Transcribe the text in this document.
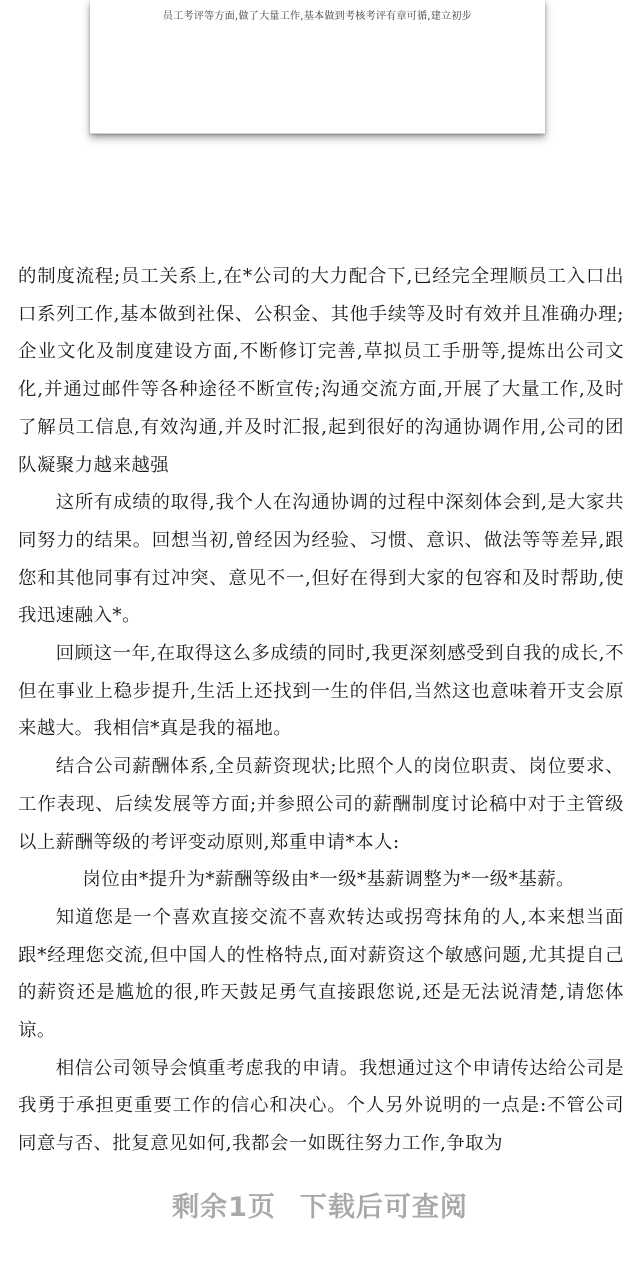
员工考评等方面,做了大量工作,基本做到考核考评有章可循,建立初步

的制度流程;员工关系上,在*公司的大力配合下,已经完全理顺员工入口出口系列工作,基本做到社保、公积金、其他手续等及时有效并且准确办理;企业文化及制度建设方面,不断修订完善,草拟员工手册等,提炼出公司文化,并通过邮件等各种途径不断宣传;沟通交流方面,开展了大量工作,及时了解员工信息,有效沟通,并及时汇报,起到很好的沟通协调作用,公司的团队凝聚力越来越强

这所有成绩的取得,我个人在沟通协调的过程中深刻体会到,是大家共同努力的结果。回想当初,曾经因为经验、习惯、意识、做法等等差异,跟您和其他同事有过冲突、意见不一,但好在得到大家的包容和及时帮助,使我迅速融入*。

回顾这一年,在取得这么多成绩的同时,我更深刻感受到自我的成长,不但在事业上稳步提升,生活上还找到一生的伴侣,当然这也意味着开支会原来越大。我相信*真是我的福地。

结合公司薪酬体系,全员薪资现状;比照个人的岗位职责、岗位要求、工作表现、后续发展等方面;并参照公司的薪酬制度讨论稿中对于主管级以上薪酬等级的考评变动原则,郑重申请*本人:

岗位由*提升为*薪酬等级由*一级*基薪调整为*一级*基薪。

知道您是一个喜欢直接交流不喜欢转达或拐弯抹角的人,本来想当面跟*经理您交流,但中国人的性格特点,面对薪资这个敏感问题,尤其提自己的薪资还是尴尬的很,昨天鼓足勇气直接跟您说,还是无法说清楚,请您体谅。

相信公司领导会慎重考虑我的申请。我想通过这个申请传达给公司是我勇于承担更重要工作的信心和决心。个人另外说明的一点是:不管公司同意与否、批复意见如何,我都会一如既往努力工作,争取为

剩余1页 下载后可查阅
